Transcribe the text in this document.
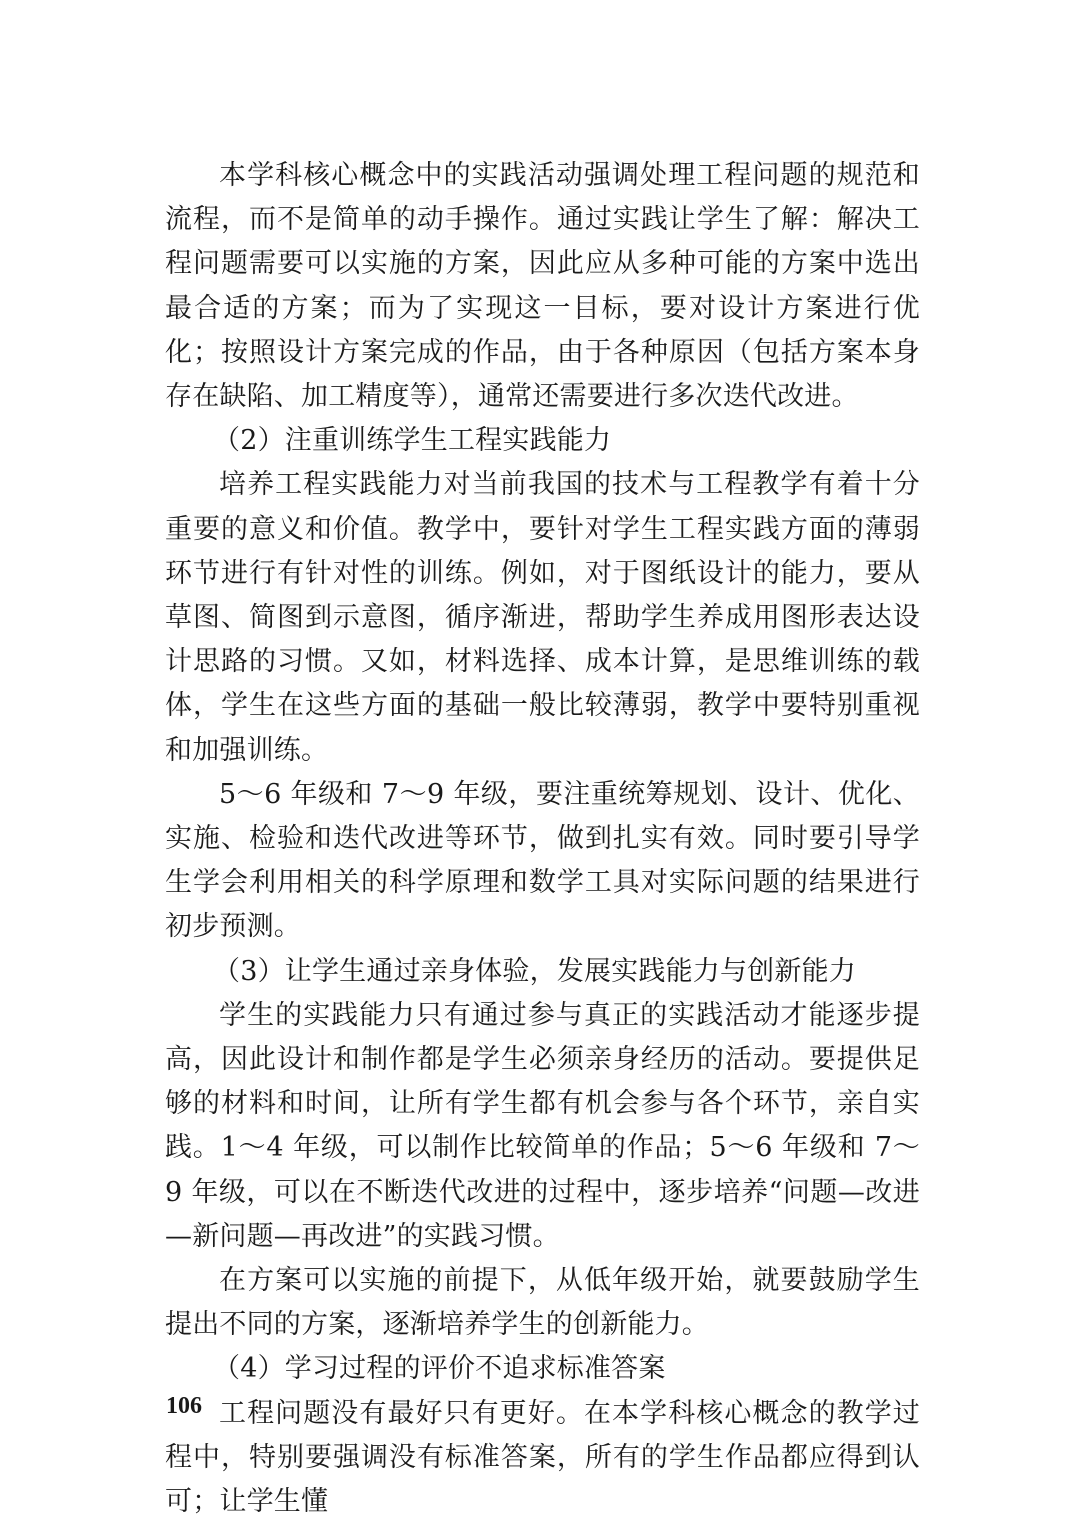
本学科核心概念中的实践活动强调处理工程问题的规范和流程，而不是简单的动手操作。通过实践让学生了解：解决工程问题需要可以实施的方案，因此应从多种可能的方案中选出最合适的方案；而为了实现这一目标，要对设计方案进行优化；按照设计方案完成的作品，由于各种原因（包括方案本身存在缺陷、加工精度等），通常还需要进行多次迭代改进。

（2）注重训练学生工程实践能力

培养工程实践能力对当前我国的技术与工程教学有着十分重要的意义和价值。教学中，要针对学生工程实践方面的薄弱环节进行有针对性的训练。例如，对于图纸设计的能力，要从草图、简图到示意图，循序渐进，帮助学生养成用图形表达设计思路的习惯。又如，材料选择、成本计算，是思维训练的载体，学生在这些方面的基础一般比较薄弱，教学中要特别重视和加强训练。

5～6 年级和 7～9 年级，要注重统筹规划、设计、优化、实施、检验和迭代改进等环节，做到扎实有效。同时要引导学生学会利用相关的科学原理和数学工具对实际问题的结果进行初步预测。

（3）让学生通过亲身体验，发展实践能力与创新能力

学生的实践能力只有通过参与真正的实践活动才能逐步提高，因此设计和制作都是学生必须亲身经历的活动。要提供足够的材料和时间，让所有学生都有机会参与各个环节，亲自实践。1～4 年级，可以制作比较简单的作品；5～6 年级和 7～9 年级，可以在不断迭代改进的过程中，逐步培养“问题—改进—新问题—再改进”的实践习惯。

在方案可以实施的前提下，从低年级开始，就要鼓励学生提出不同的方案，逐渐培养学生的创新能力。

（4）学习过程的评价不追求标准答案

工程问题没有最好只有更好。在本学科核心概念的教学过程中，特别要强调没有标准答案，所有的学生作品都应得到认可；让学生懂

106
